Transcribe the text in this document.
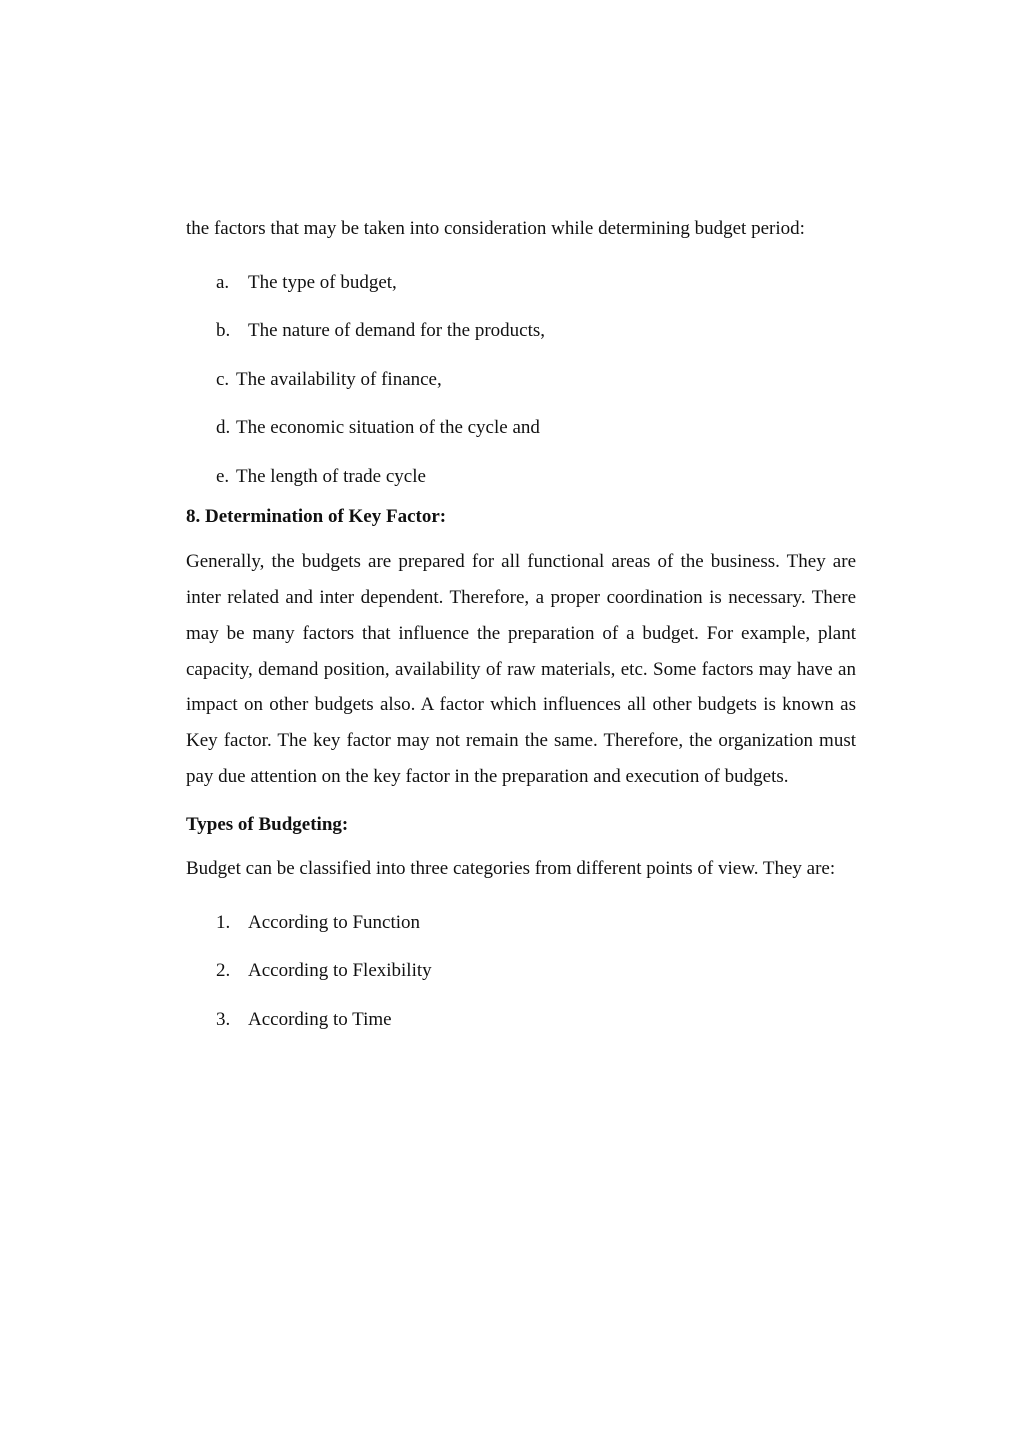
the factors that may be taken into consideration while determining budget period:

a. The type of budget,
b. The nature of demand for the products,
c. The availability of finance,
d. The economic situation of the cycle and
e. The length of trade cycle
8. Determination of Key Factor:

Generally, the budgets are prepared for all functional areas of the business. They are inter related and inter dependent. Therefore, a proper coordination is necessary. There may be many factors that influence the preparation of a budget. For example, plant capacity, demand position, availability of raw materials, etc. Some factors may have an impact on other budgets also. A factor which influences all other budgets is known as Key factor. The key factor may not remain the same. Therefore, the organization must pay due attention on the key factor in the preparation and execution of budgets.

Types of Budgeting:

Budget can be classified into three categories from different points of view. They are:

1. According to Function
2. According to Flexibility
3. According to Time
